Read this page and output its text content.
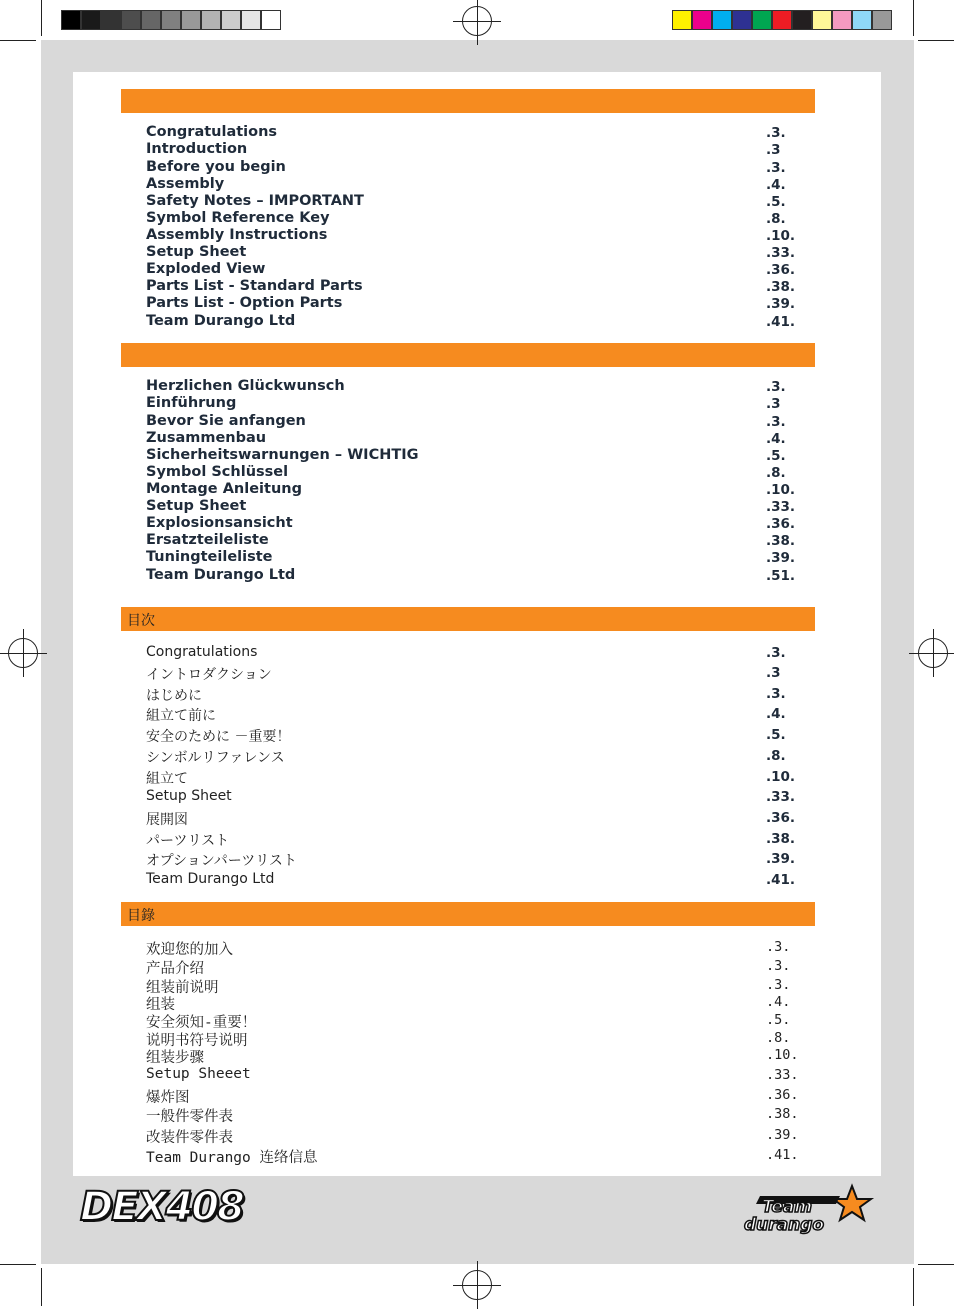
Congratulations	.3.
Introduction	.3
Before you begin	.3.
Assembly	.4.
Safety Notes – IMPORTANT	.5.
Symbol Reference Key	.8.
Assembly Instructions	.10.
Setup Sheet	.33.
Exploded View	.36.
Parts List - Standard Parts	.38.
Parts List - Option Parts	.39.
Team Durango Ltd	.41.
Herzlichen Glückwunsch	.3.
Einführung	.3
Bevor Sie anfangen	.3.
Zusammenbau	.4.
Sicherheitswarnungen – WICHTIG	.5.
Symbol Schlüssel	.8.
Montage Anleitung	.10.
Setup Sheet	.33.
Explosionsansicht	.36.
Ersatzteileliste	.38.
Tuningteileliste	.39.
Team Durango Ltd	.51.
目次
Congratulations	.3.
イントロダクション	.3
はじめに	.3.
組立て前に	.4.
安全のために －重要！	.5.
シンボルリファレンス	.8.
組立て	.10.
Setup Sheet	.33.
展開図	.36.
パーツリスト	.38.
オプションパーツリスト	.39.
Team Durango Ltd	.41.
目錄
欢迎您的加入	.3.
产品介绍	.3.
组装前说明	.3.
组装	.4.
安全须知-重要！	.5.
说明书符号说明	.8.
组装步骤	.10.
Setup Sheeet	.33.
爆炸图	.36.
一般件零件表	.38.
改装件零件表	.39.
Team Durango 连络信息	.41.
DEX408	Team
durango
